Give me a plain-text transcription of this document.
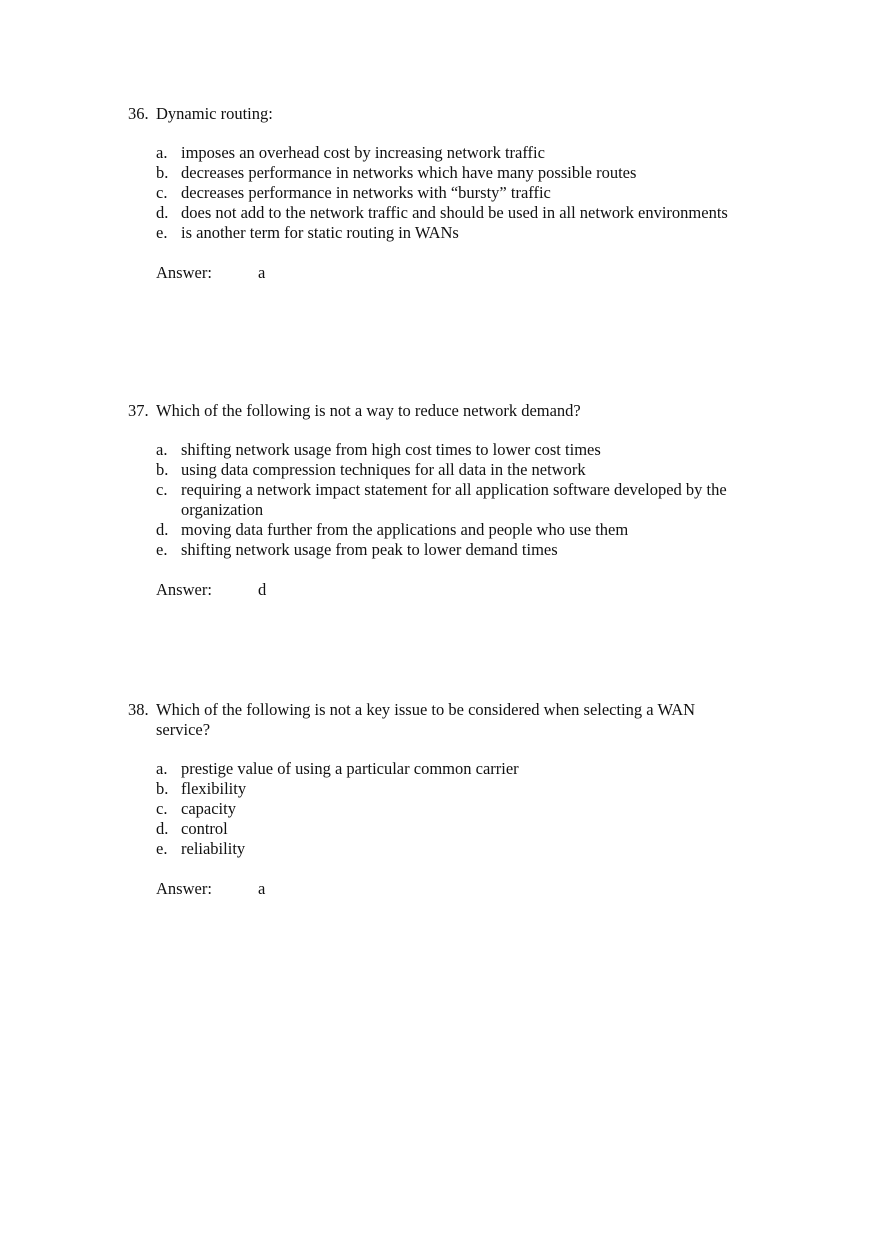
36. Dynamic routing:
a. imposes an overhead cost by increasing network traffic
b. decreases performance in networks which have many possible routes
c. decreases performance in networks with “bursty” traffic
d. does not add to the network traffic and should be used in all network environments
e. is another term for static routing in WANs
Answer:	a
37. Which of the following is not a way to reduce network demand?
a. shifting network usage from high cost times to lower cost times
b. using data compression techniques for all data in the network
c. requiring a network impact statement for all application software developed by the organization
d. moving data further from the applications and people who use them
e. shifting network usage from peak to lower demand times
Answer:	d
38. Which of the following is not a key issue to be considered when selecting a WAN service?
a. prestige value of using a particular common carrier
b. flexibility
c. capacity
d. control
e. reliability
Answer:	a
